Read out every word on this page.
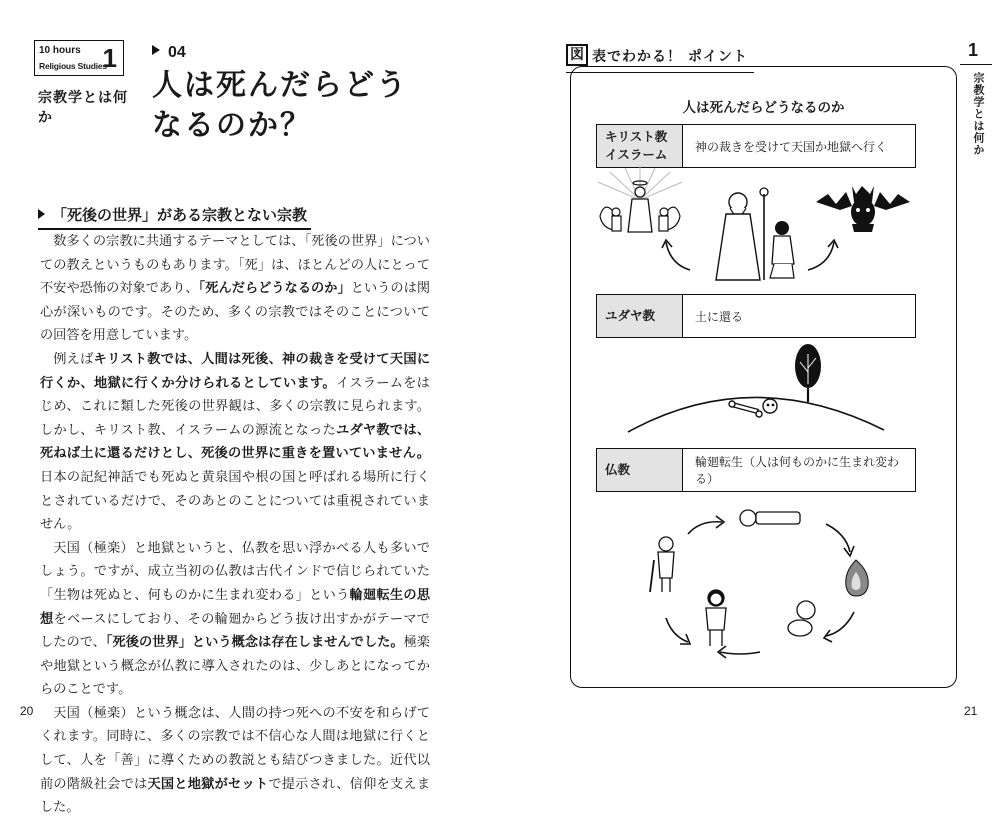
10 hours
Religious Studies
1
宗教学とは何か
04
人は死んだらどう
なるのか？
「死後の世界」がある宗教とない宗教

数多くの宗教に共通するテーマとしては、「死後の世界」についての教えというものもあります。「死」は、ほとんどの人にとって不安や恐怖の対象であり、「死んだらどうなるのか」というのは関心が深いものです。そのため、多くの宗教ではそのことについての回答を用意しています。

例えばキリスト教では、人間は死後、神の裁きを受けて天国に行くか、地獄に行くか分けられるとしています。イスラームをはじめ、これに類した死後の世界観は、多くの宗教に見られます。しかし、キリスト教、イスラームの源流となったユダヤ教では、死ねば土に還るだけとし、死後の世界に重きを置いていません。日本の記紀神話でも死ぬと黄泉国や根の国と呼ばれる場所に行くとされているだけで、そのあとのことについては重視されていません。

天国（極楽）と地獄というと、仏教を思い浮かべる人も多いでしょう。ですが、成立当初の仏教は古代インドで信じられていた「生物は死ぬと、何ものかに生まれ変わる」という輪廻転生の思想をベースにしており、その輪廻からどう抜け出すかがテーマでしたので、「死後の世界」という概念は存在しませんでした。極楽や地獄という概念が仏教に導入されたのは、少しあとになってからのことです。

天国（極楽）という概念は、人間の持つ死への不安を和らげてくれます。同時に、多くの宗教では不信心な人間は地獄に行くとして、人を「善」に導くための教説とも結びつきました。近代以前の階級社会では天国と地獄がセットで提示され、信仰を支えました。

20
図 表でわかる！ ポイント
人は死んだらどうなるのか
キリスト教
イスラーム
神の裁きを受けて天国か地獄へ行く
ユダヤ教	土に還る
仏教	輪廻転生（人は何ものかに生まれ変わる）
1
宗教学とは何か
21
